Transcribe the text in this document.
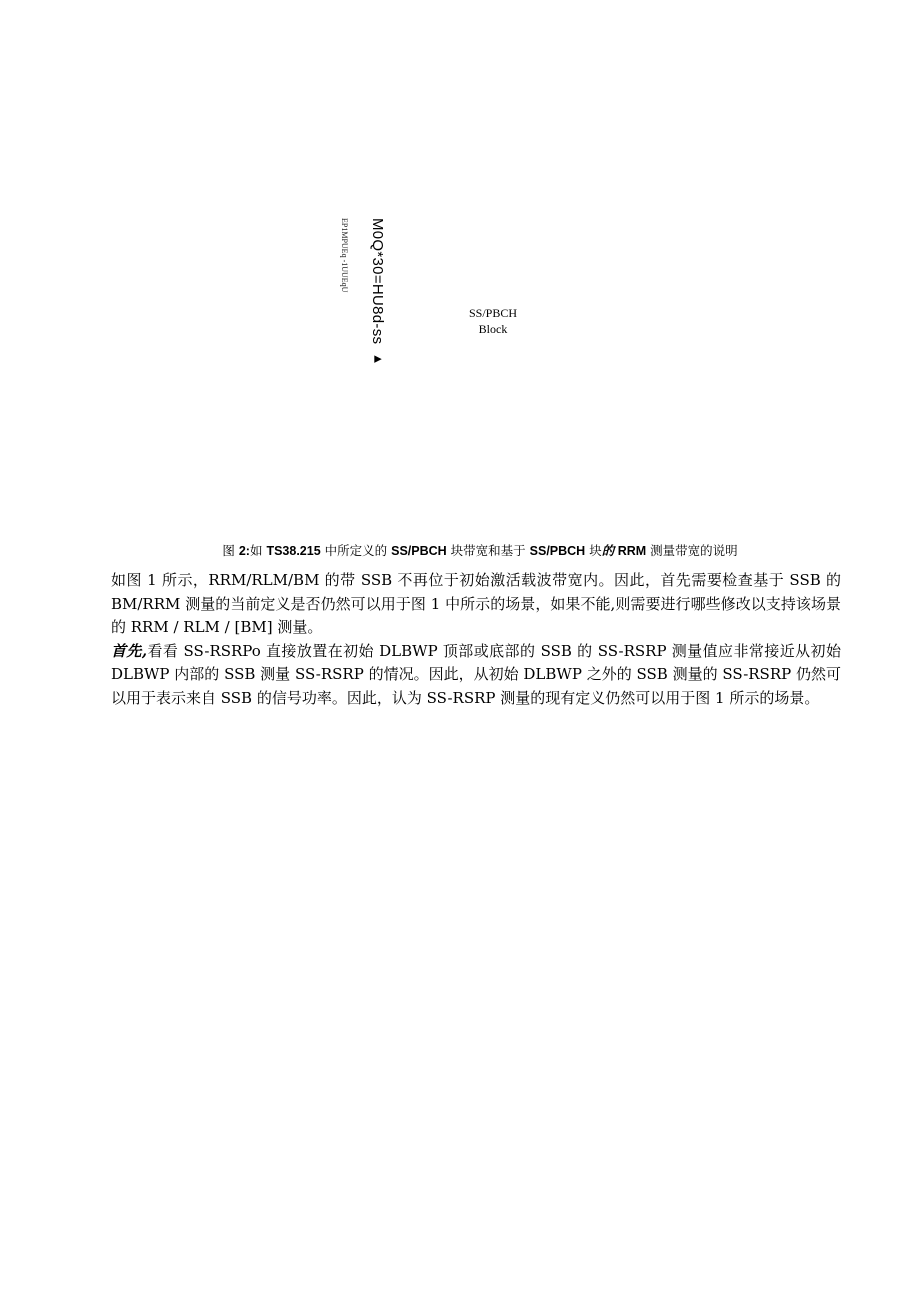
M0Q*30=HU8d-ss ▸
EP1MPUEq -1UUEqU
SS/PBCH
Block
图 2:如 TS38.215 中所定义的 SS/PBCH 块带宽和基于 SS/PBCH 块的 RRM 测量带宽的说明

如图 1 所示，RRM/RLM/BM 的带 SSB 不再位于初始激活载波带宽内。因此，首先需要检查基于 SSB 的 BM/RRM 测量的当前定义是否仍然可以用于图 1 中所示的场景，如果不能,则需要进行哪些修改以支持该场景的 RRM / RLM / [BM] 测量。

首先,看看 SS-RSRPo 直接放置在初始 DLBWP 顶部或底部的 SSB 的 SS-RSRP 测量值应非常接近从初始 DLBWP 内部的 SSB 测量 SS-RSRP 的情况。因此，从初始 DLBWP 之外的 SSB 测量的 SS-RSRP 仍然可以用于表示来自 SSB 的信号功率。因此，认为 SS-RSRP 测量的现有定义仍然可以用于图 1 所示的场景。
